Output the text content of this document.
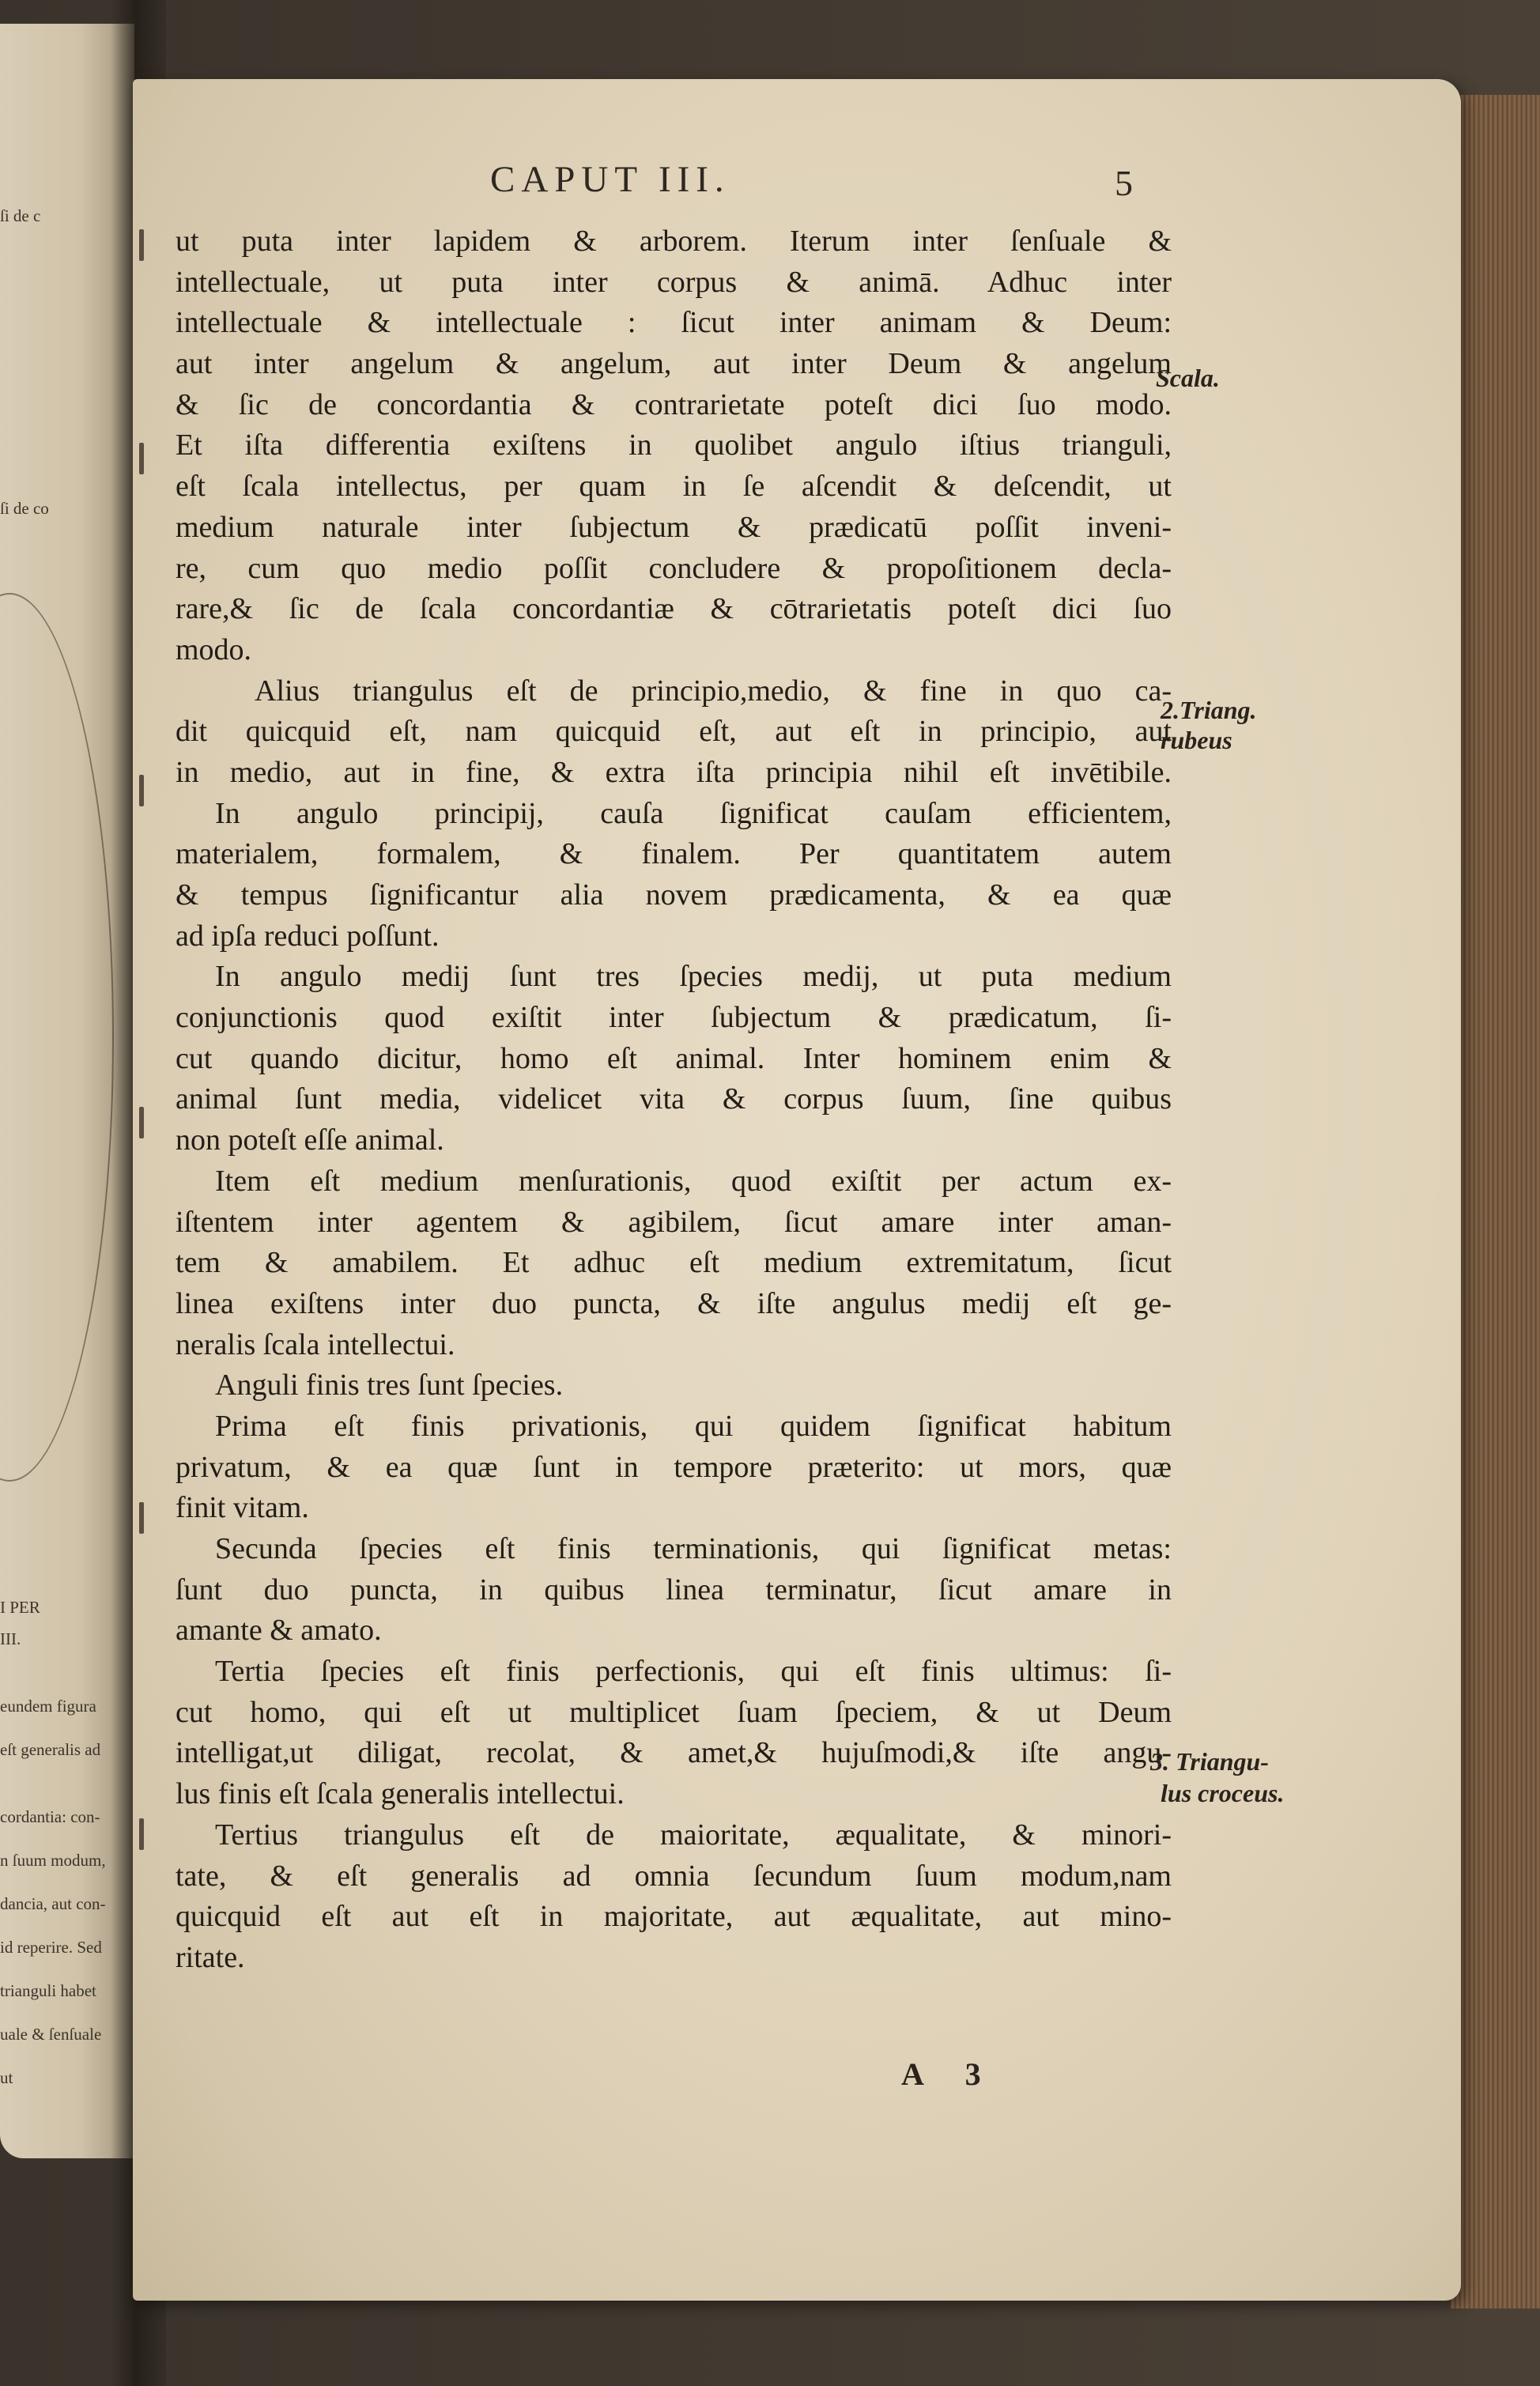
ſi de c
ſi de co
I PER
III.
eundem figura
eſt generalis ad
cordantia: con-
n ſuum modum,
dancia, aut con-
id reperire. Sed
trianguli habet
uale & ſenſuale
ut
CAPUT III.	5
ut puta inter lapidem & arborem. Iterum inter ſenſuale &
intellectuale, ut puta inter corpus & animā. Adhuc inter
intellectuale & intellectuale : ſicut inter animam & Deum:
aut inter angelum & angelum, aut inter Deum & angelum
& ſic de concordantia & contrarietate poteſt dici ſuo modo.
Et iſta differentia exiſtens in quolibet angulo iſtius trianguli,
eſt ſcala intellectus, per quam in ſe aſcendit & deſcendit, ut
medium naturale inter ſubjectum & prædicatū poſſit inveni-
re, cum quo medio poſſit concludere & propoſitionem decla-
rare,& ſic de ſcala concordantiæ & cōtrarietatis poteſt dici ſuo
modo.
Alius triangulus eſt de principio,medio, & fine in quo ca-
dit quicquid eſt, nam quicquid eſt, aut eſt in principio, aut
in medio, aut in fine, & extra iſta principia nihil eſt invētibile.
In angulo principij, cauſa ſignificat cauſam efficientem,
materialem, formalem, & finalem. Per quantitatem autem
& tempus ſignificantur alia novem prædicamenta, & ea quæ
ad ipſa reduci poſſunt.
In angulo medij ſunt tres ſpecies medij, ut puta medium
conjunctionis quod exiſtit inter ſubjectum & prædicatum, ſi-
cut quando dicitur, homo eſt animal. Inter hominem enim &
animal ſunt media, videlicet vita & corpus ſuum, ſine quibus
non poteſt eſſe animal.
Item eſt medium menſurationis, quod exiſtit per actum ex-
iſtentem inter agentem & agibilem, ſicut amare inter aman-
tem & amabilem. Et adhuc eſt medium extremitatum, ſicut
linea exiſtens inter duo puncta, & iſte angulus medij eſt ge-
neralis ſcala intellectui.
Anguli finis tres ſunt ſpecies.
Prima eſt finis privationis, qui quidem ſignificat habitum
privatum, & ea quæ ſunt in tempore præterito: ut mors, quæ
finit vitam.
Secunda ſpecies eſt finis terminationis, qui ſignificat metas:
ſunt duo puncta, in quibus linea terminatur, ſicut amare in
amante & amato.
Tertia ſpecies eſt finis perfectionis, qui eſt finis ultimus: ſi-
cut homo, qui eſt ut multiplicet ſuam ſpeciem, & ut Deum
intelligat,ut diligat, recolat, & amet,& hujuſmodi,& iſte angu-
lus finis eſt ſcala generalis intellectui.
Tertius triangulus eſt de maioritate, æqualitate, & minori-
tate, & eſt generalis ad omnia ſecundum ſuum modum,nam
quicquid eſt aut eſt in majoritate, aut æqualitate, aut mino-
ritate.
Scala.
2.Triang.
rubeus
3. Triangu-
lus croceus.
A 3
